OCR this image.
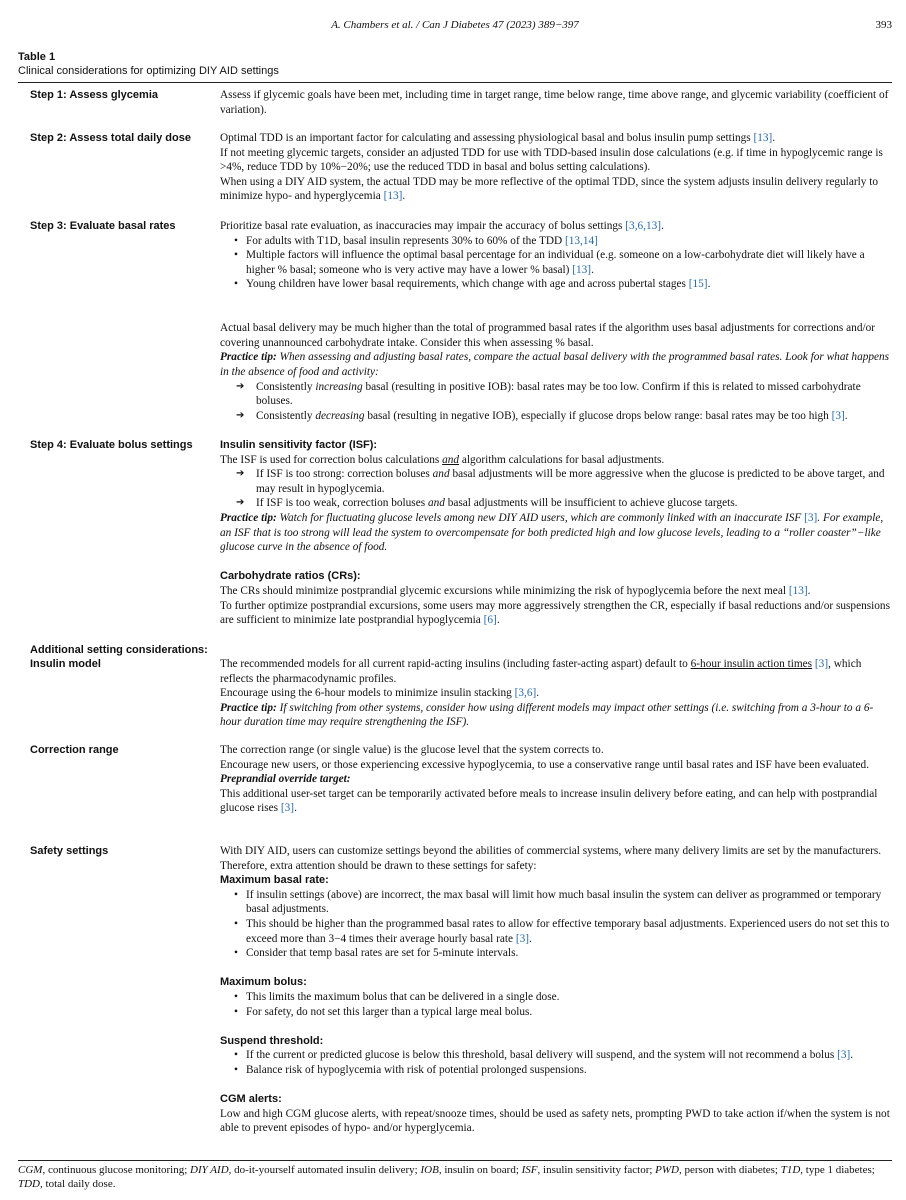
A. Chambers et al. / Can J Diabetes 47 (2023) 389−397	393
Table 1
Clinical considerations for optimizing DIY AID settings
Step 1: Assess glycemia	Assess if glycemic goals have been met, including time in target range, time below range, time above range, and glycemic variability (coefficient of variation).

Step 2: Assess total daily dose	Optimal TDD is an important factor for calculating and assessing physiological basal and bolus insulin pump settings [13].

If not meeting glycemic targets, consider an adjusted TDD for use with TDD-based insulin dose calculations (e.g. if time in hypoglycemic range is >4%, reduce TDD by 10%−20%; use the reduced TDD in basal and bolus setting calculations).

When using a DIY AID system, the actual TDD may be more reflective of the optimal TDD, since the system adjusts insulin delivery regularly to minimize hypo- and hyperglycemia [13].

Step 3: Evaluate basal rates	Prioritize basal rate evaluation, as inaccuracies may impair the accuracy of bolus settings [3,6,13].

• For adults with T1D, basal insulin represents 30% to 60% of the TDD [13,14]
• Multiple factors will influence the optimal basal percentage for an individual (e.g. someone on a low-carbohydrate diet will likely have a higher % basal; someone who is very active may have a lower % basal) [13].
• Young children have lower basal requirements, which change with age and across pubertal stages [15].

Actual basal delivery may be much higher than the total of programmed basal rates if the algorithm uses basal adjustments for corrections and/or covering unannounced carbohydrate intake. Consider this when assessing % basal.

Practice tip: When assessing and adjusting basal rates, compare the actual basal delivery with the programmed basal rates. Look for what happens in the absence of food and activity:

➔ Consistently increasing basal (resulting in positive IOB): basal rates may be too low. Confirm if this is related to missed carbohydrate boluses.
➔ Consistently decreasing basal (resulting in negative IOB), especially if glucose drops below range: basal rates may be too high [3].
Step 4: Evaluate bolus settings	Insulin sensitivity factor (ISF):

The ISF is used for correction bolus calculations and algorithm calculations for basal adjustments.

➔ If ISF is too strong: correction boluses and basal adjustments will be more aggressive when the glucose is predicted to be above target, and may result in hypoglycemia.
➔ If ISF is too weak, correction boluses and basal adjustments will be insufficient to achieve glucose targets.

Practice tip: Watch for fluctuating glucose levels among new DIY AID users, which are commonly linked with an inaccurate ISF [3]. For example, an ISF that is too strong will lead the system to overcompensate for both predicted high and low glucose levels, leading to a “roller coaster”−like glucose curve in the absence of food.

Carbohydrate ratios (CRs):

The CRs should minimize postprandial glycemic excursions while minimizing the risk of hypoglycemia before the next meal [13].

To further optimize postprandial excursions, some users may more aggressively strengthen the CR, especially if basal reductions and/or suspensions are sufficient to minimize late postprandial hypoglycemia [6].

Additional setting considerations:
Insulin model	The recommended models for all current rapid-acting insulins (including faster-acting aspart) default to 6-hour insulin action times [3], which reflects the pharmacodynamic profiles.

Encourage using the 6-hour models to minimize insulin stacking [3,6].

Practice tip: If switching from other systems, consider how using different models may impact other settings (i.e. switching from a 3-hour to a 6-hour duration time may require strengthening the ISF).

Correction range	The correction range (or single value) is the glucose level that the system corrects to.

Encourage new users, or those experiencing excessive hypoglycemia, to use a conservative range until basal rates and ISF have been evaluated.

Preprandial override target:

This additional user-set target can be temporarily activated before meals to increase insulin delivery before eating, and can help with postprandial glucose rises [3].

Safety settings	With DIY AID, users can customize settings beyond the abilities of commercial systems, where many delivery limits are set by the manufacturers. Therefore, extra attention should be drawn to these settings for safety:

Maximum basal rate:

• If insulin settings (above) are incorrect, the max basal will limit how much basal insulin the system can deliver as programmed or temporary basal adjustments.
• This should be higher than the programmed basal rates to allow for effective temporary basal adjustments. Experienced users do not set this to exceed more than 3−4 times their average hourly basal rate [3].
• Consider that temp basal rates are set for 5-minute intervals.

Maximum bolus:

• This limits the maximum bolus that can be delivered in a single dose.
• For safety, do not set this larger than a typical large meal bolus.

Suspend threshold:

• If the current or predicted glucose is below this threshold, basal delivery will suspend, and the system will not recommend a bolus [3].
• Balance risk of hypoglycemia with risk of potential prolonged suspensions.

CGM alerts:

Low and high CGM glucose alerts, with repeat/snooze times, should be used as safety nets, prompting PWD to take action if/when the system is not able to prevent episodes of hypo- and/or hyperglycemia.

CGM, continuous glucose monitoring; DIY AID, do-it-yourself automated insulin delivery; IOB, insulin on board; ISF, insulin sensitivity factor; PWD, person with diabetes; T1D, type 1 diabetes; TDD, total daily dose.
